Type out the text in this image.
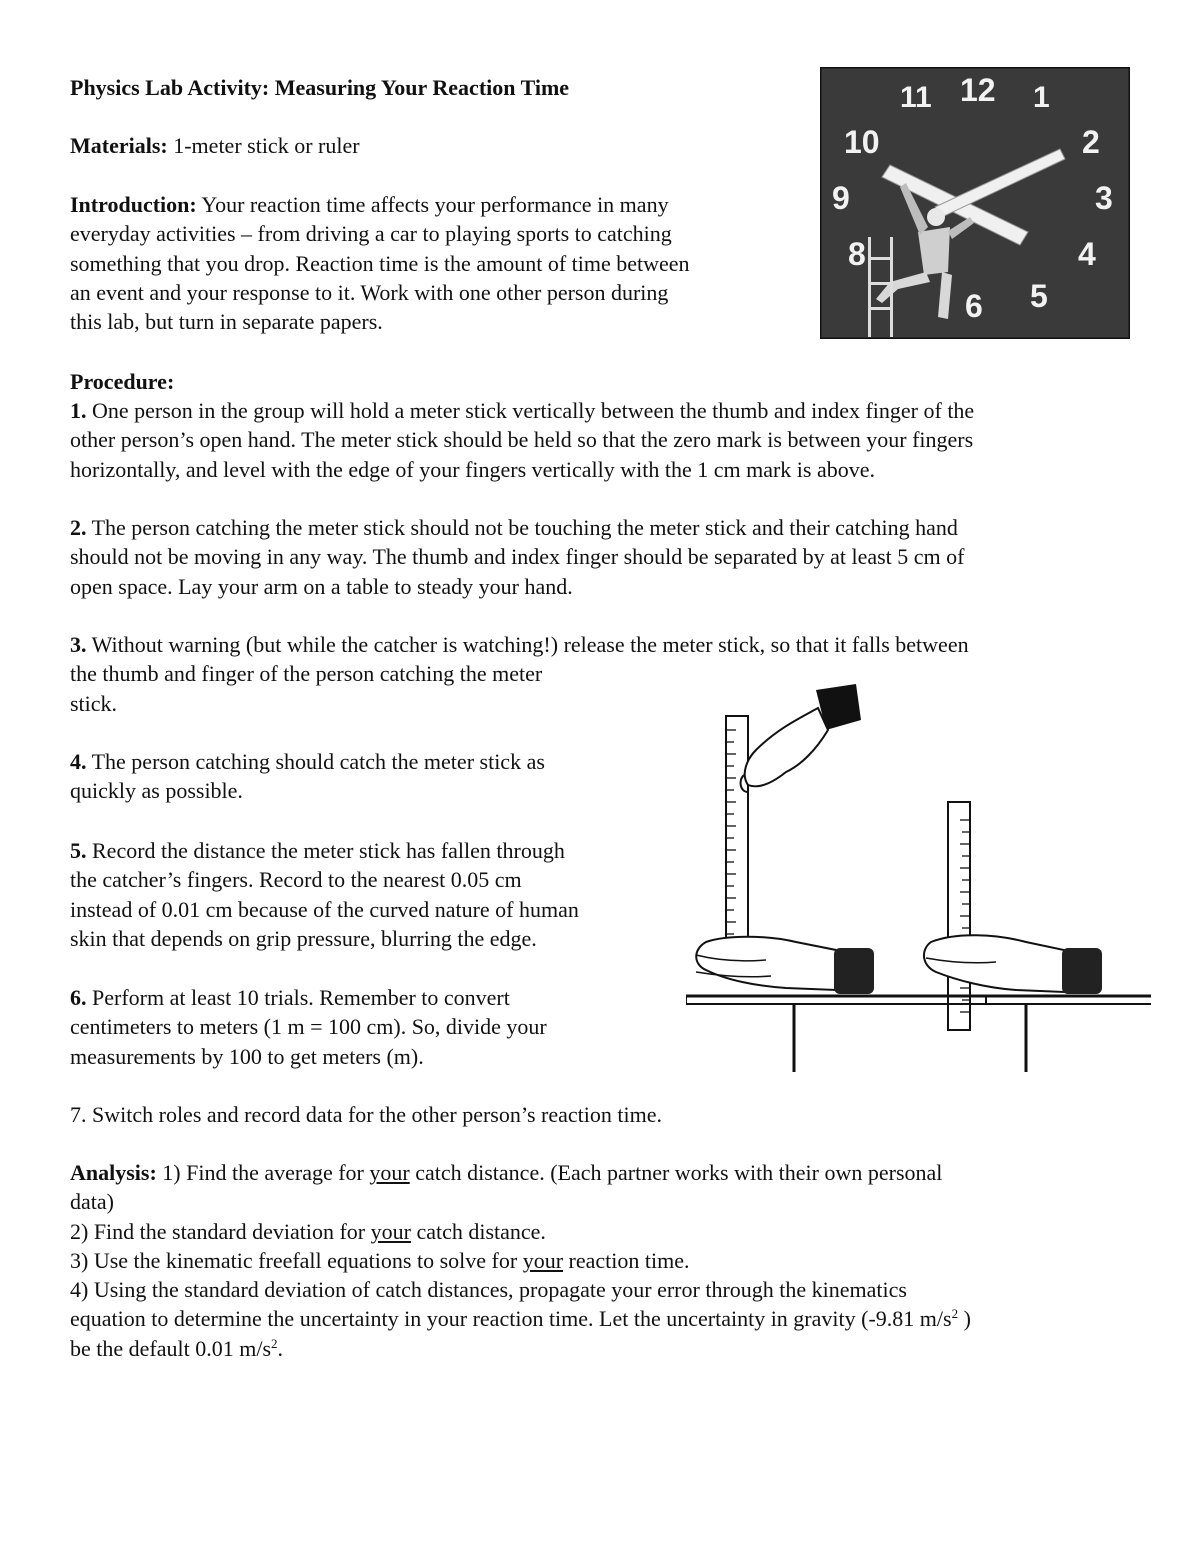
Physics Lab Activity: Measuring Your Reaction Time

Materials: 1-meter stick or ruler

Introduction: Your reaction time affects your performance in many
everyday activities – from driving a car to playing sports to catching
something that you drop. Reaction time is the amount of time between
an event and your response to it. Work with one other person during
this lab, but turn in separate papers.

Procedure:

1. One person in the group will hold a meter stick vertically between the thumb and index finger of the
other person’s open hand. The meter stick should be held so that the zero mark is between your fingers
horizontally, and level with the edge of your fingers vertically with the 1 cm mark is above.

2. The person catching the meter stick should not be touching the meter stick and their catching hand
should not be moving in any way. The thumb and index finger should be separated by at least 5 cm of
open space. Lay your arm on a table to steady your hand.

3. Without warning (but while the catcher is watching!) release the meter stick, so that it falls between
the thumb and finger of the person catching the meter
stick.

4. The person catching should catch the meter stick as
quickly as possible.

5. Record the distance the meter stick has fallen through
the catcher’s fingers. Record to the nearest 0.05 cm
instead of 0.01 cm because of the curved nature of human
skin that depends on grip pressure, blurring the edge.

6. Perform at least 10 trials. Remember to convert
centimeters to meters (1 m = 100 cm). So, divide your
measurements by 100 to get meters (m).

7. Switch roles and record data for the other person’s reaction time.

Analysis: 1) Find the average for your catch distance. (Each partner works with their own personal
data)
2) Find the standard deviation for your catch distance.
3) Use the kinematic freefall equations to solve for your reaction time.
4) Using the standard deviation of catch distances, propagate your error through the kinematics
equation to determine the uncertainty in your reaction time. Let the uncertainty in gravity (-9.81 $m/s^2$ )
be the default 0.01 $m/s^2$.

11 12 1
10	2
9	3
8	4
6 5
